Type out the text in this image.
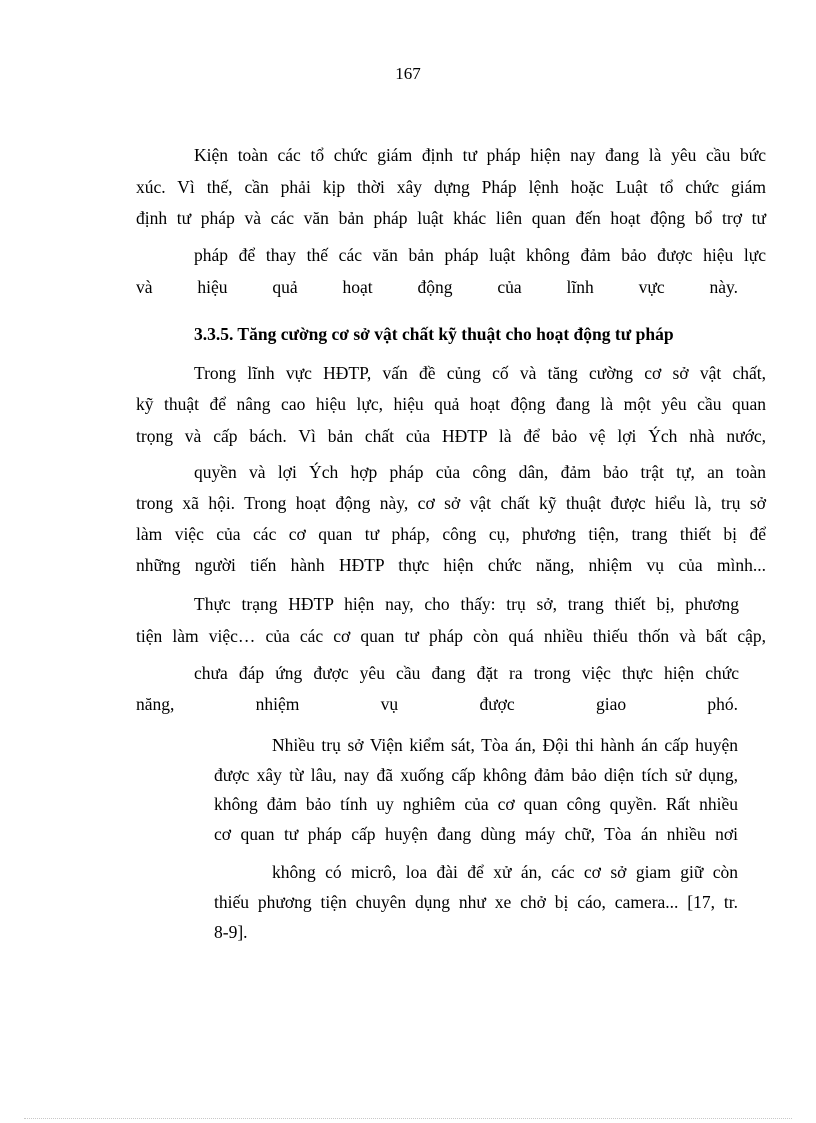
167
Kiện toàn các tổ chức giám định tư pháp hiện nay đang là yêu cầu bức
xúc. Vì thế, cần phải kịp thời xây dựng Pháp lệnh hoặc Luật tổ chức giám
định tư pháp và các văn bản pháp luật khác liên quan đến hoạt động bổ trợ tư
pháp để thay thế các văn bản pháp luật không đảm bảo được hiệu lực
và hiệu quả hoạt động của lĩnh vực này.
3.3.5. Tăng cường cơ sở vật chất kỹ thuật cho hoạt động tư pháp
Trong lĩnh vực HĐTP, vấn đề củng cố và tăng cường cơ sở vật chất,
kỹ thuật để nâng cao hiệu lực, hiệu quả hoạt động đang là một yêu cầu quan
trọng và cấp bách. Vì bản chất của HĐTP là để bảo vệ lợi Ých nhà nước,
quyền và lợi Ých hợp pháp của công dân, đảm bảo trật tự, an toàn
trong xã hội. Trong hoạt động này, cơ sở vật chất kỹ thuật được hiểu là, trụ sở
làm việc của các cơ quan tư pháp, công cụ, phương tiện, trang thiết bị để
những người tiến hành HĐTP thực hiện chức năng, nhiệm vụ của mình...
Thực trạng HĐTP hiện nay, cho thấy: trụ sở, trang thiết bị, phương
tiện làm việc… của các cơ quan tư pháp còn quá nhiều thiếu thốn và bất cập,
chưa đáp ứng được yêu cầu đang đặt ra trong việc thực hiện chức
năng, nhiệm vụ được giao phó.
Nhiều trụ sở Viện kiểm sát, Tòa án, Đội thi hành án cấp huyện
được xây từ lâu, nay đã xuống cấp không đảm bảo diện tích sử dụng,
không đảm bảo tính uy nghiêm của cơ quan công quyền. Rất nhiều
cơ quan tư pháp cấp huyện đang dùng máy chữ, Tòa án nhiều nơi
không có micrô, loa đài để xử án, các cơ sở giam giữ còn
thiếu phương tiện chuyên dụng như xe chở bị cáo, camera... [17, tr.
8-9].
